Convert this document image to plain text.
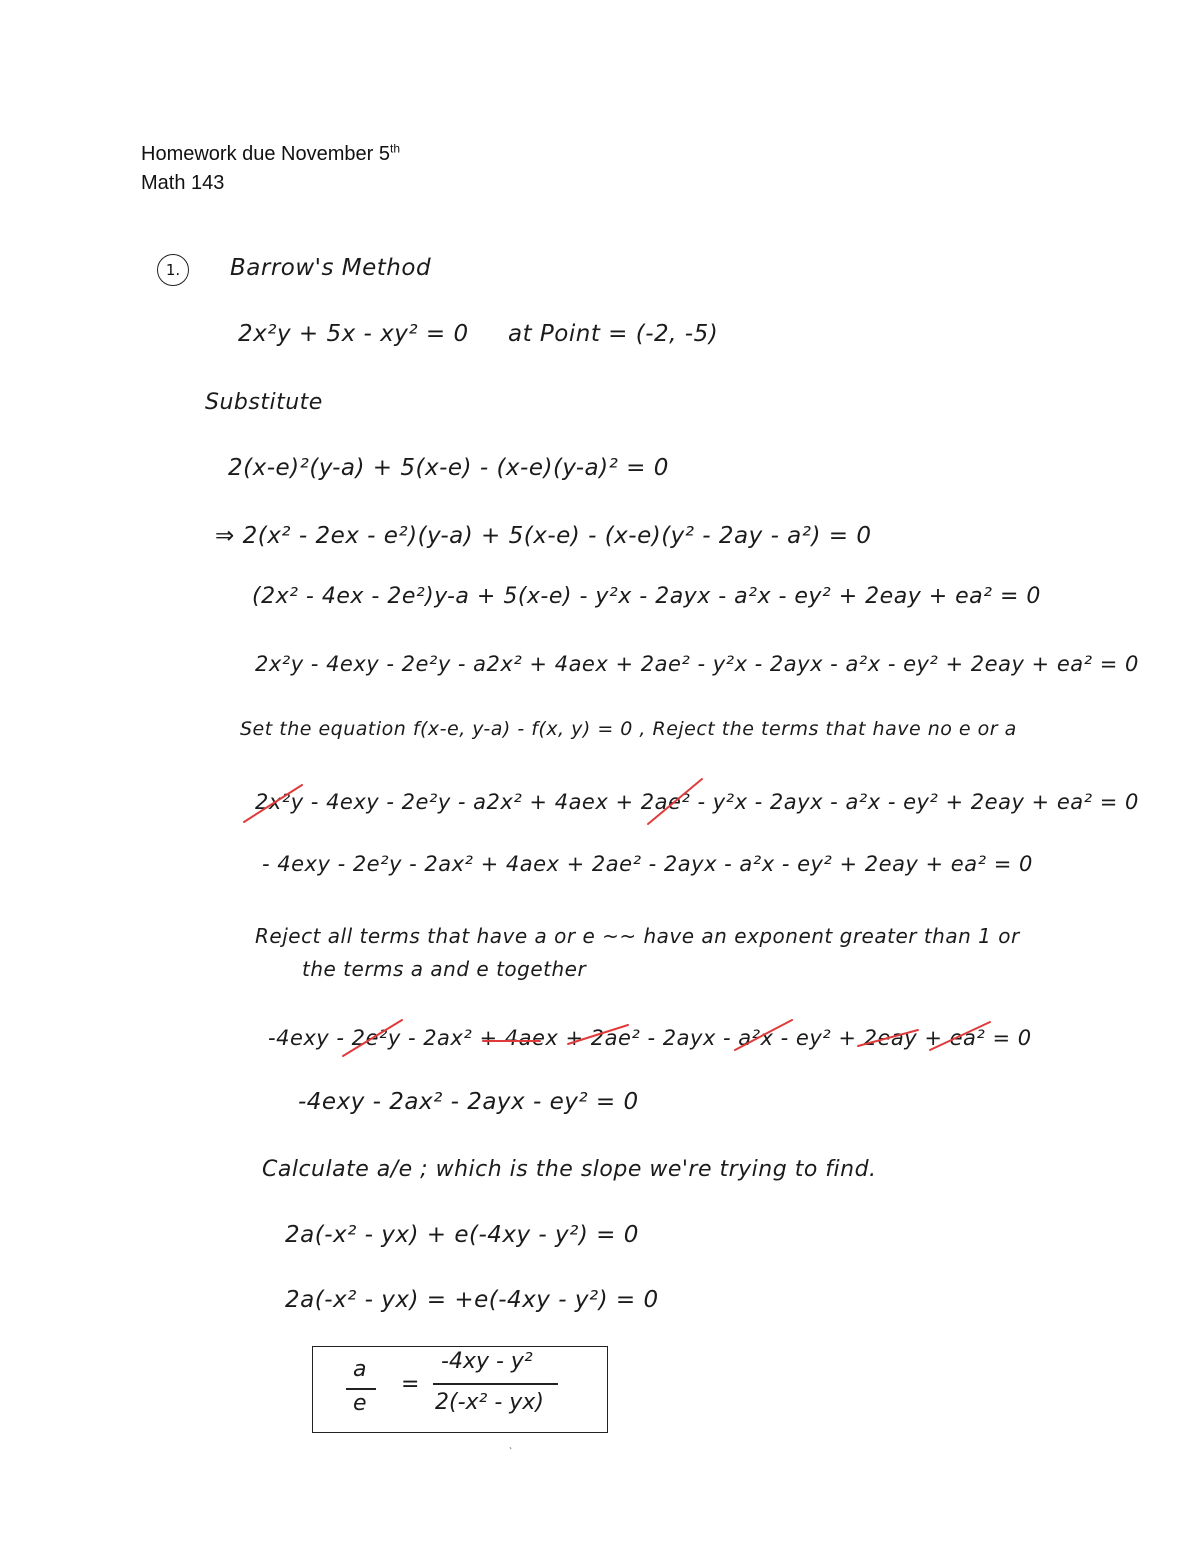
Homework due November 5th
Math 143
1.	Barrow's Method
2x²y + 5x - xy² = 0 at Point = (-2, -5)
Substitute
2(x-e)²(y-a) + 5(x-e) - (x-e)(y-a)² = 0
⇒ 2(x² - 2ex - e²)(y-a) + 5(x-e) - (x-e)(y² - 2ay - a²) = 0
(2x² - 4ex - 2e²)y-a + 5(x-e) - y²x - 2ayx - a²x - ey² + 2eay + ea² = 0
2x²y - 4exy - 2e²y - a2x² + 4aex + 2ae² - y²x - 2ayx - a²x - ey² + 2eay + ea² = 0
Set the equation f(x-e, y-a) - f(x, y) = 0 , Reject the terms that have no e or a
2x²y - 4exy - 2e²y - a2x² + 4aex + 2ae² - y²x - 2ayx - a²x - ey² + 2eay + ea² = 0
- 4exy - 2e²y - 2ax² + 4aex + 2ae² - 2ayx - a²x - ey² + 2eay + ea² = 0
Reject all terms that have a or e ~~ have an exponent greater than 1 or
the terms a and e together
-4exy - 2e²y - 2ax² + 4aex + 2ae² - 2ayx - a²x - ey² + 2eay + ea² = 0
-4exy - 2ax² - 2ayx - ey² = 0
Calculate a/e ; which is the slope we're trying to find.
2a(-x² - yx) + e(-4xy - y²) = 0
2a(-x² - yx) = +e(-4xy - y²) = 0
a
e
=
-4xy - y²
2(-x² - yx)
ˋ
